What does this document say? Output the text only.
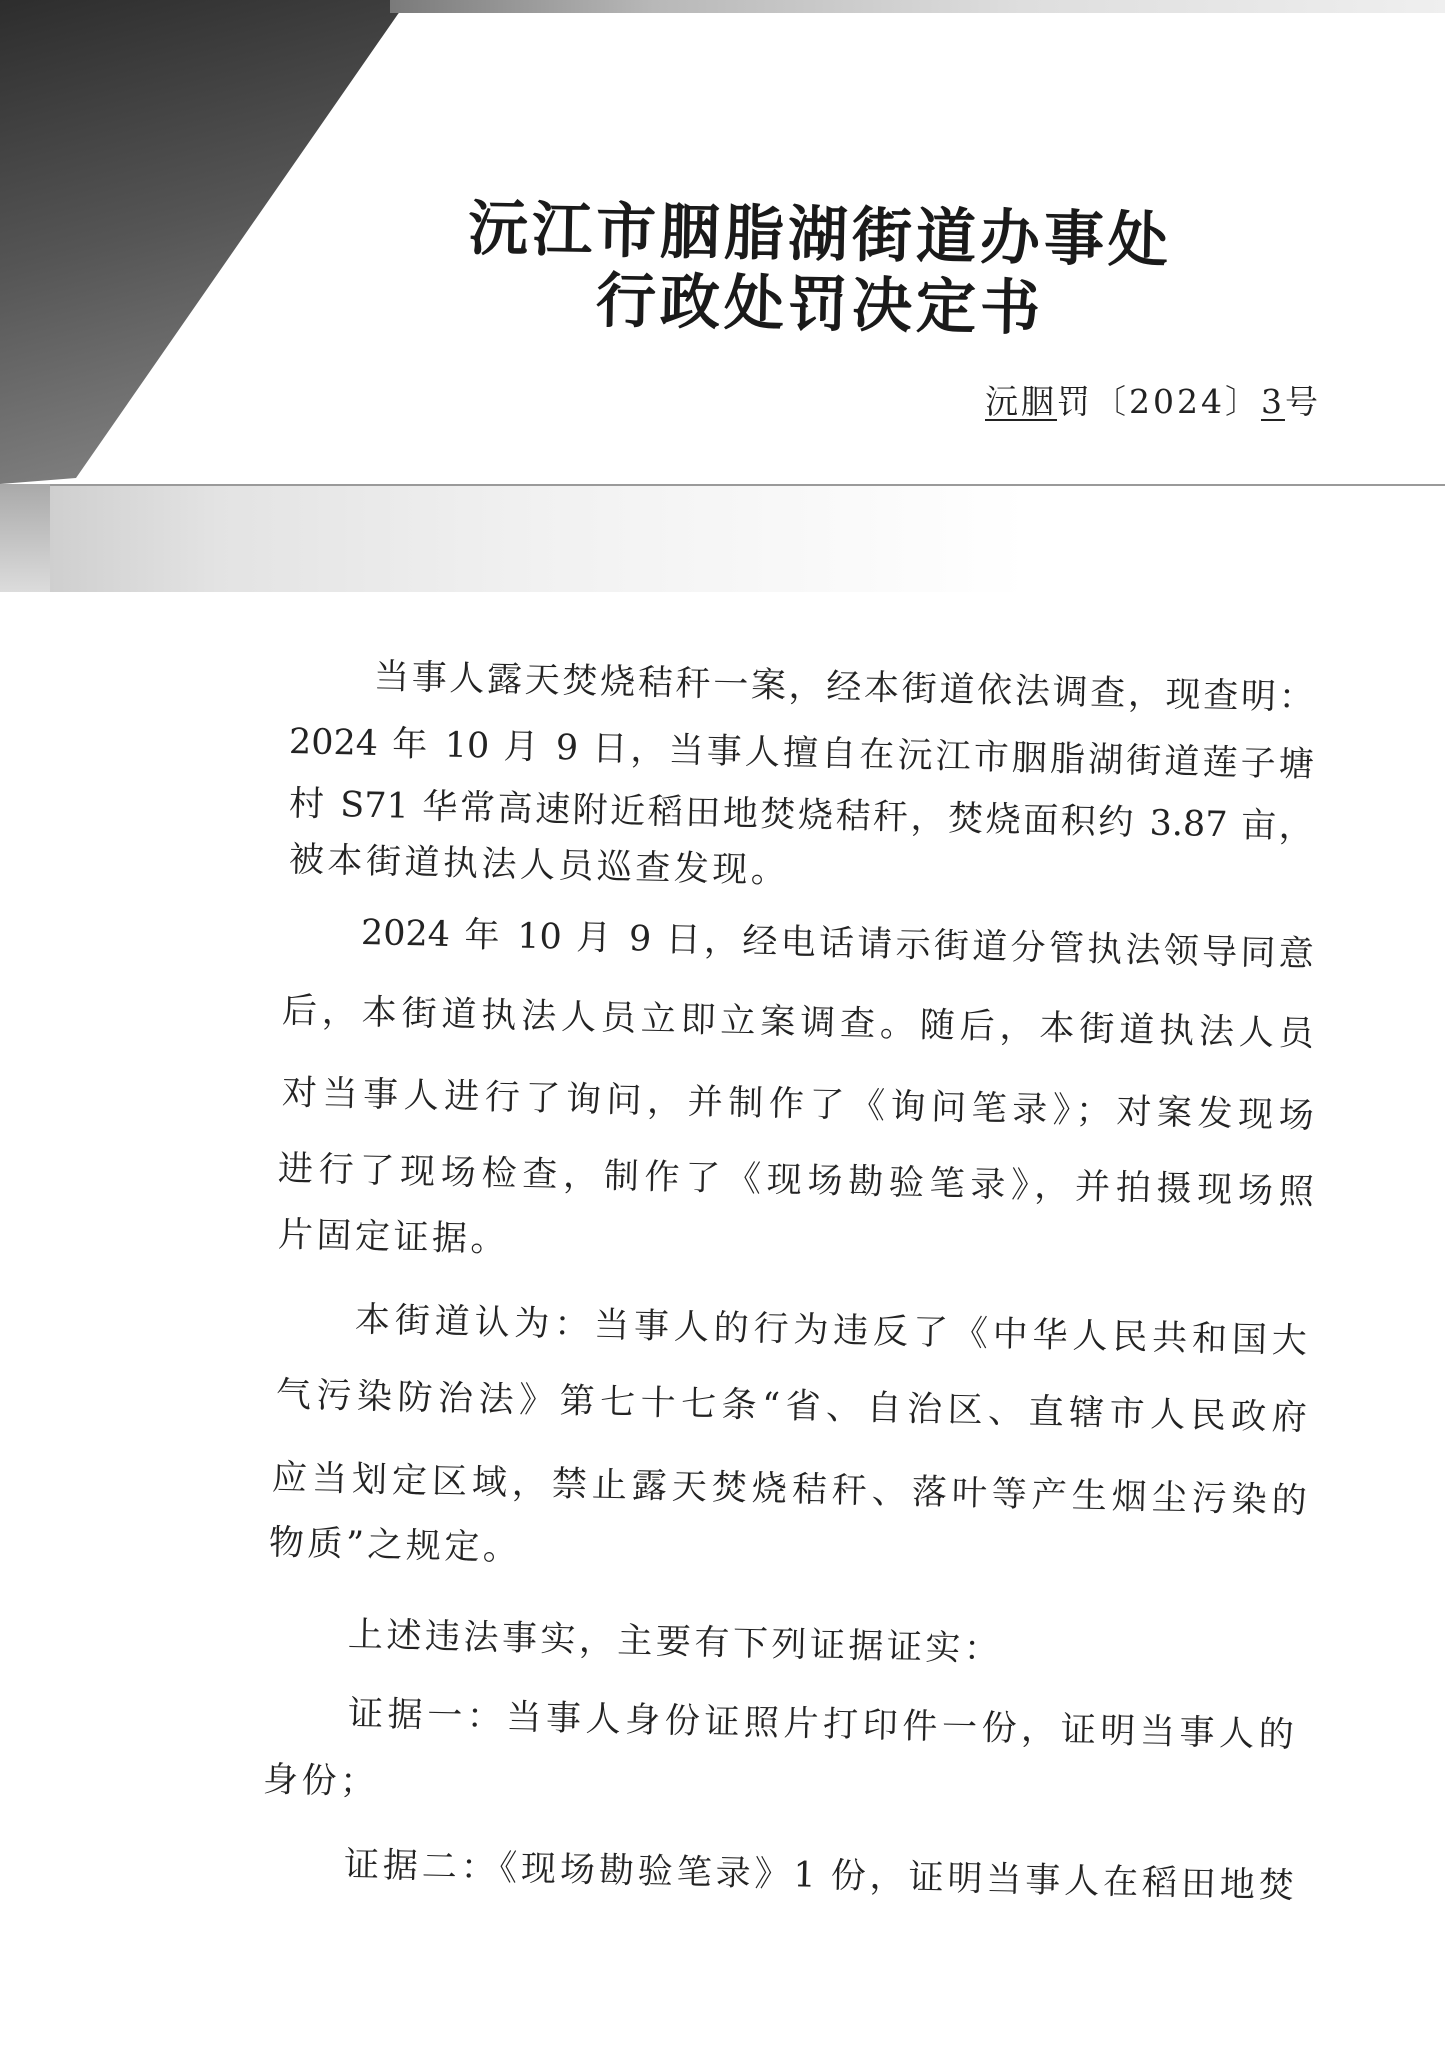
沅江市胭脂湖街道办事处
行政处罚决定书
沅胭罚〔2024〕3号
当事人露天焚烧秸秆一案，经本街道依法调查，现查明：
2024 年 10 月 9 日，当事人擅自在沅江市胭脂湖街道莲子塘
村 S71 华常高速附近稻田地焚烧秸秆，焚烧面积约 3.87 亩，
被本街道执法人员巡查发现。
2024 年 10 月 9 日，经电话请示街道分管执法领导同意
后，本街道执法人员立即立案调查。随后，本街道执法人员
对当事人进行了询问，并制作了《询问笔录》；对案发现场
进行了现场检查，制作了《现场勘验笔录》，并拍摄现场照
片固定证据。
本街道认为：当事人的行为违反了《中华人民共和国大
气污染防治法》第七十七条“省、自治区、直辖市人民政府
应当划定区域，禁止露天焚烧秸秆、落叶等产生烟尘污染的
物质”之规定。
上述违法事实，主要有下列证据证实：
证据一：当事人身份证照片打印件一份，证明当事人的
身份；
证据二：《现场勘验笔录》1 份，证明当事人在稻田地焚
